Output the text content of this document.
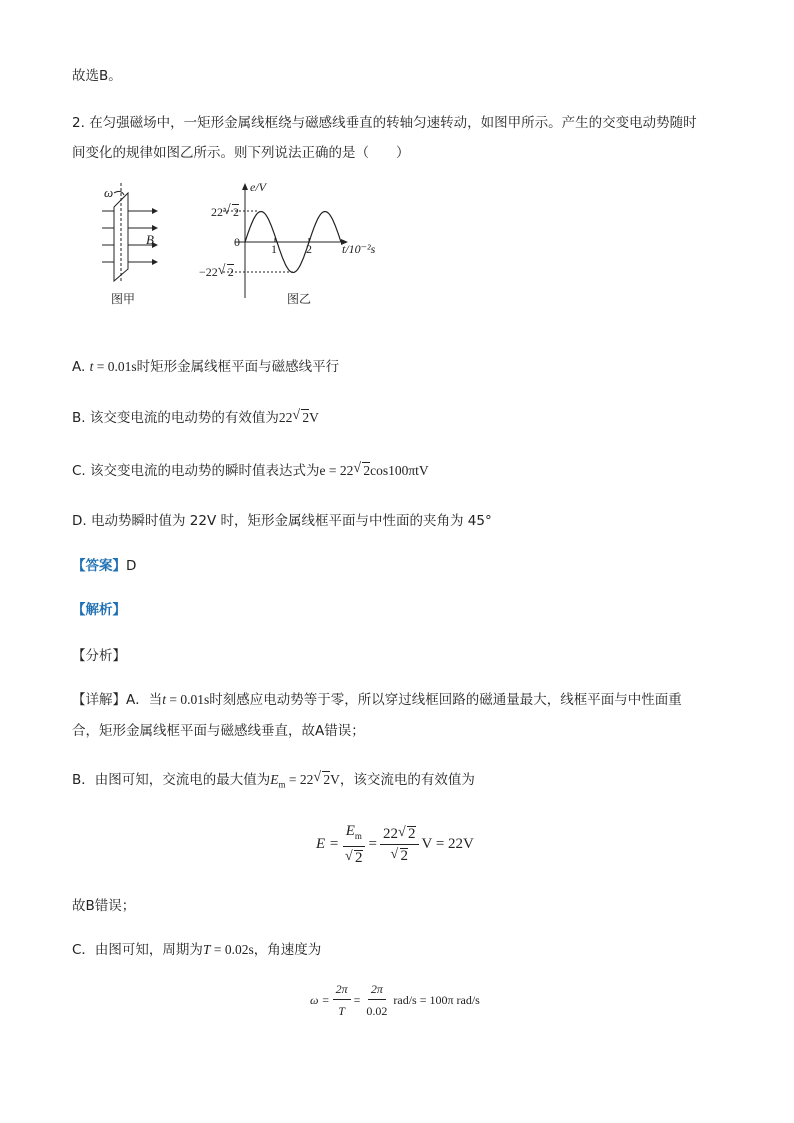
故选B。
2. 在匀强磁场中，一矩形金属线框绕与磁感线垂直的转轴匀速转动，如图甲所示。产生的交变电动势随时
间变化的规律如图乙所示。则下列说法正确的是（　　）
ω
B
图甲
e/V
22√ 2
0	1 2	t/10⁻²s
−22√ 2
图乙
A. t = 0.01s时矩形金属线框平面与磁感线平行
B. 该交变电流的电动势的有效值为22√ 2V
C. 该交变电流的电动势的瞬时值表达式为e = 22√ 2cos100πtV
D. 电动势瞬时值为 22V 时，矩形金属线框平面与中性面的夹角为 45°
【答案】D
【解析】
【分析】
【详解】A．当t = 0.01s时刻感应电动势等于零，所以穿过线框回路的磁通量最大，线框平面与中性面重
合，矩形金属线框平面与磁感线垂直，故A错误；
B．由图可知，交流电的最大值为$E_m = 22√$ 2V，该交流电的有效值为
$E = E_m$
√ 2 = 22√ 2
√ 2 V = 22V
故B错误；
C．由图可知，周期为T = 0.02s，角速度为
$\omega = \frac{2\pi}{T} = \frac{2\pi}{0.02} rad/s = 100\pi$ rad/s
